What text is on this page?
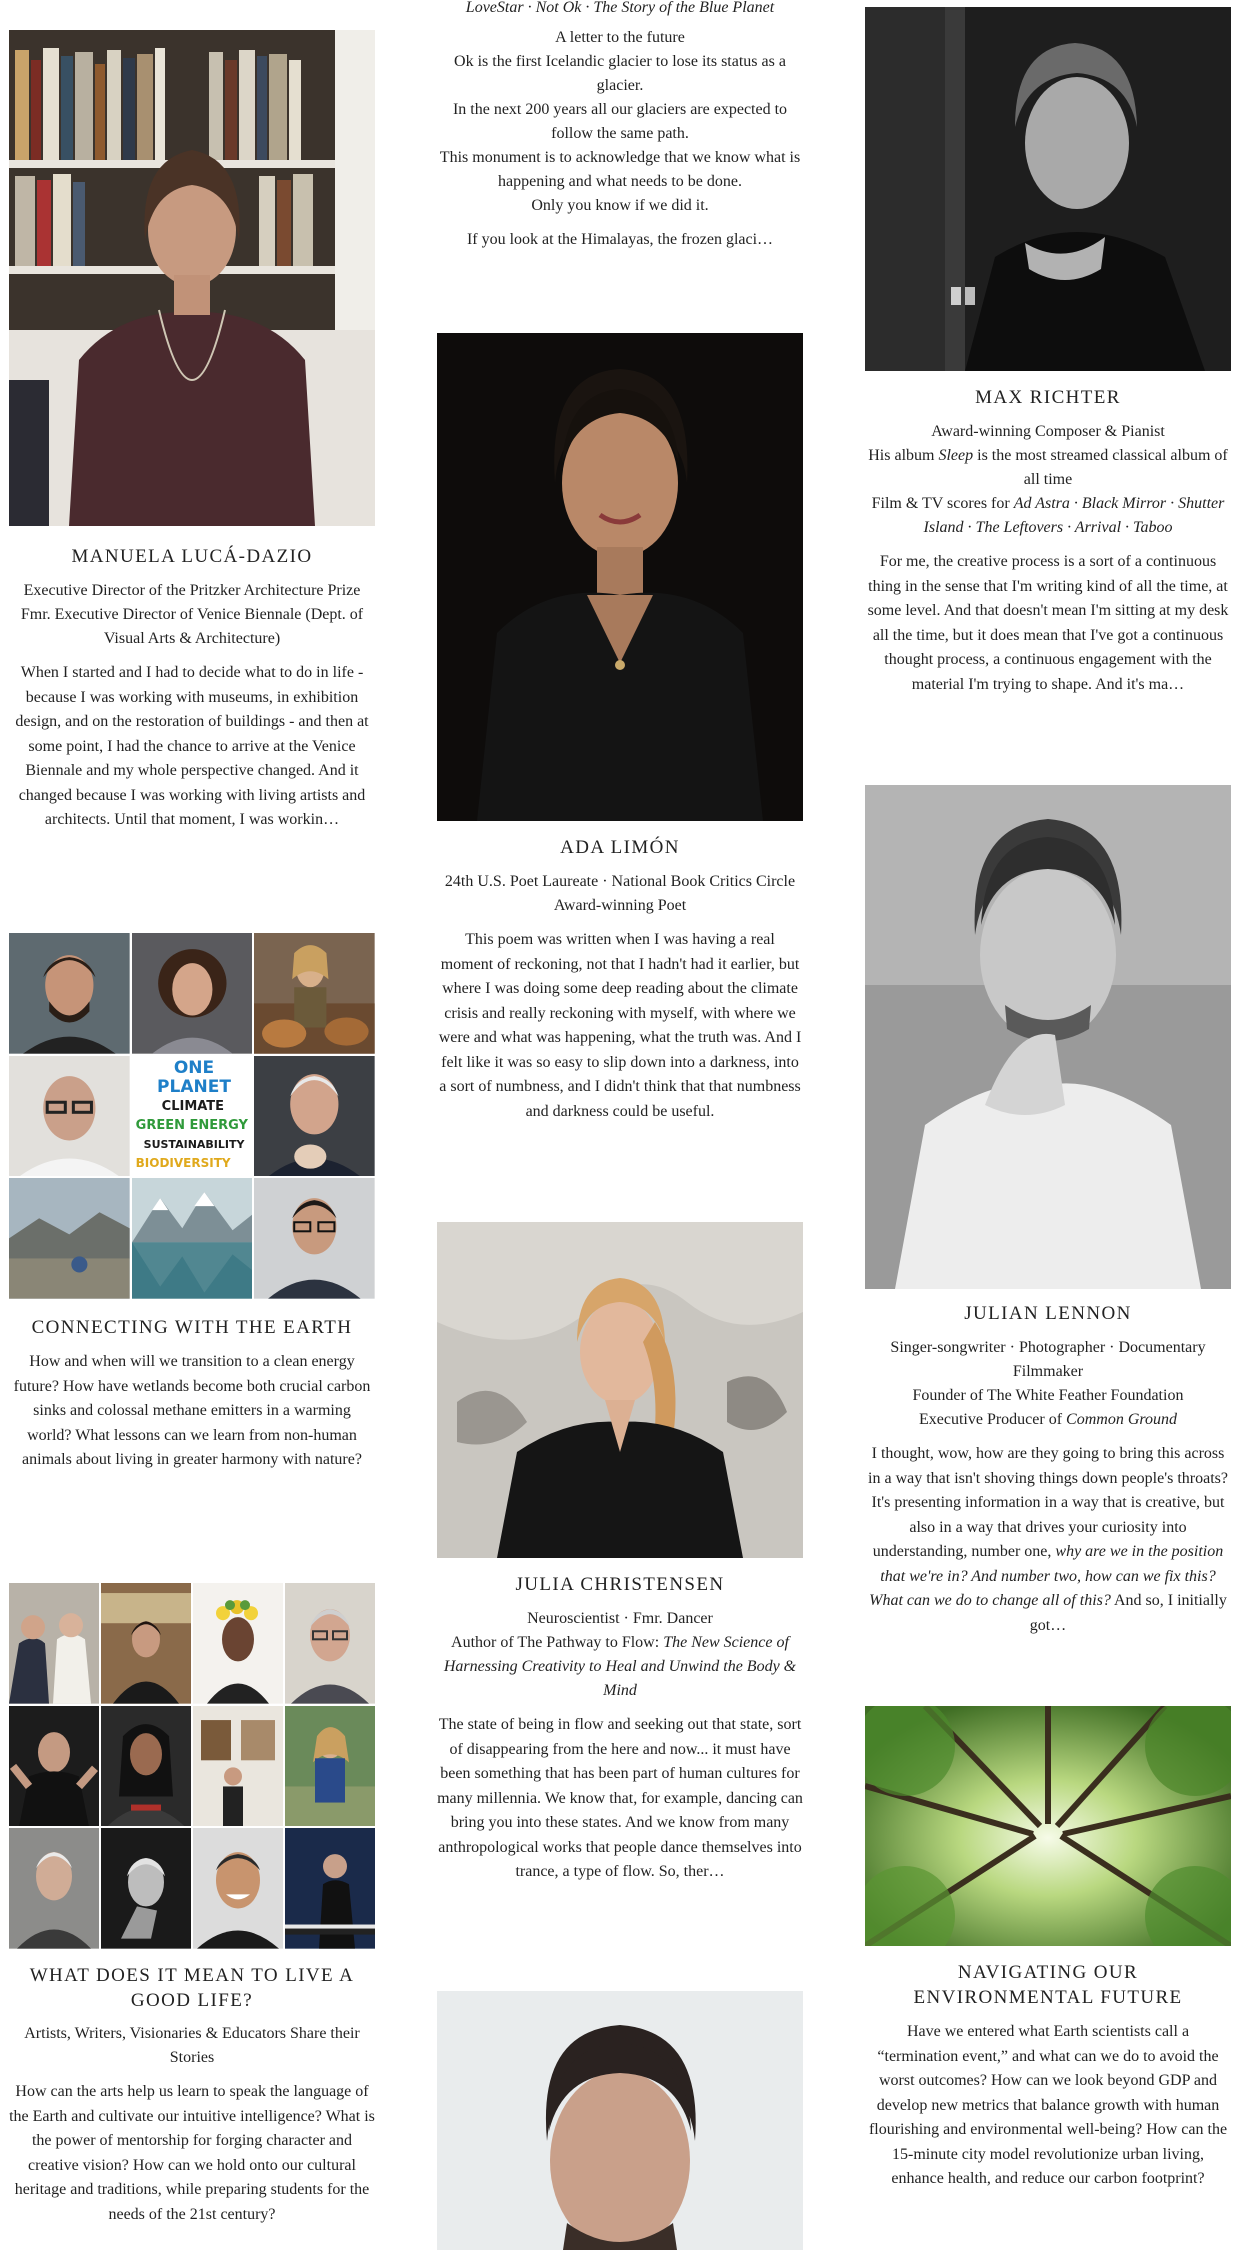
MANUELA LUCÁ-DAZIO

Executive Director of the Pritzker Architecture Prize

Fmr. Executive Director of Venice Biennale (Dept. of Visual Arts & Architecture)

When I started and I had to decide what to do in life - because I was working with museums, in exhibition design, and on the restoration of buildings - and then at some point, I had the chance to arrive at the Venice Biennale and my whole perspective changed. And it changed because I was working with living artists and architects. Until that moment, I was workin…

ONE PLANET
CLIMATE
GREEN ENERGY
SUSTAINABILITY
BIODIVERSITY
CONNECTING WITH THE EARTH

How and when will we transition to a clean energy future? How have wetlands become both crucial carbon sinks and colossal methane emitters in a warming world? What lessons can we learn from non-human animals about living in greater harmony with nature?

WHAT DOES IT MEAN TO LIVE A GOOD LIFE?

Artists, Writers, Visionaries & Educators Share their Stories

How can the arts help us learn to speak the language of the Earth and cultivate our intuitive intelligence? What is the power of mentorship for forging character and creative vision? How can we hold onto our cultural heritage and traditions, while preparing students for the needs of the 21st century?

LoveStar · Not Ok · The Story of the Blue Planet

A letter to the future

Ok is the first Icelandic glacier to lose its status as a glacier.

In the next 200 years all our glaciers are expected to follow the same path.

This monument is to acknowledge that we know what is happening and what needs to be done.

Only you know if we did it.

If you look at the Himalayas, the frozen glaci…

ADA LIMÓN

24th U.S. Poet Laureate · National Book Critics Circle Award-winning Poet

This poem was written when I was having a real moment of reckoning, not that I hadn't had it earlier, but where I was doing some deep reading about the climate crisis and really reckoning with myself, with where we were and what was happening, what the truth was. And I felt like it was so easy to slip down into a darkness, into a sort of numbness, and I didn't think that that numbness and darkness could be useful.

JULIA CHRISTENSEN

Neuroscientist · Fmr. Dancer

Author of The Pathway to Flow: The New Science of Harnessing Creativity to Heal and Unwind the Body & Mind

The state of being in flow and seeking out that state, sort of disappearing from the here and now... it must have been something that has been part of human cultures for many millennia. We know that, for example, dancing can bring you into these states. And we know from many anthropological works that people dance themselves into trance, a type of flow. So, ther…

MAX RICHTER

Award-winning Composer & Pianist

His album Sleep is the most streamed classical album of all time

Film & TV scores for Ad Astra · Black Mirror · Shutter Island · The Leftovers · Arrival · Taboo

For me, the creative process is a sort of a continuous thing in the sense that I'm writing kind of all the time, at some level. And that doesn't mean I'm sitting at my desk all the time, but it does mean that I've got a continuous thought process, a continuous engagement with the material I'm trying to shape. And it's ma…

JULIAN LENNON

Singer-songwriter · Photographer · Documentary Filmmaker

Founder of The White Feather Foundation

Executive Producer of Common Ground

I thought, wow, how are they going to bring this across in a way that isn't shoving things down people's throats? It's presenting information in a way that is creative, but also in a way that drives your curiosity into understanding, number one, why are we in the position that we're in? And number two, how can we fix this? What can we do to change all of this? And so, I initially got…

NAVIGATING OUR ENVIRONMENTAL FUTURE

Have we entered what Earth scientists call a “termination event,” and what can we do to avoid the worst outcomes? How can we look beyond GDP and develop new metrics that balance growth with human flourishing and environmental well-being? How can the 15-minute city model revolutionize urban living, enhance health, and reduce our carbon footprint?
